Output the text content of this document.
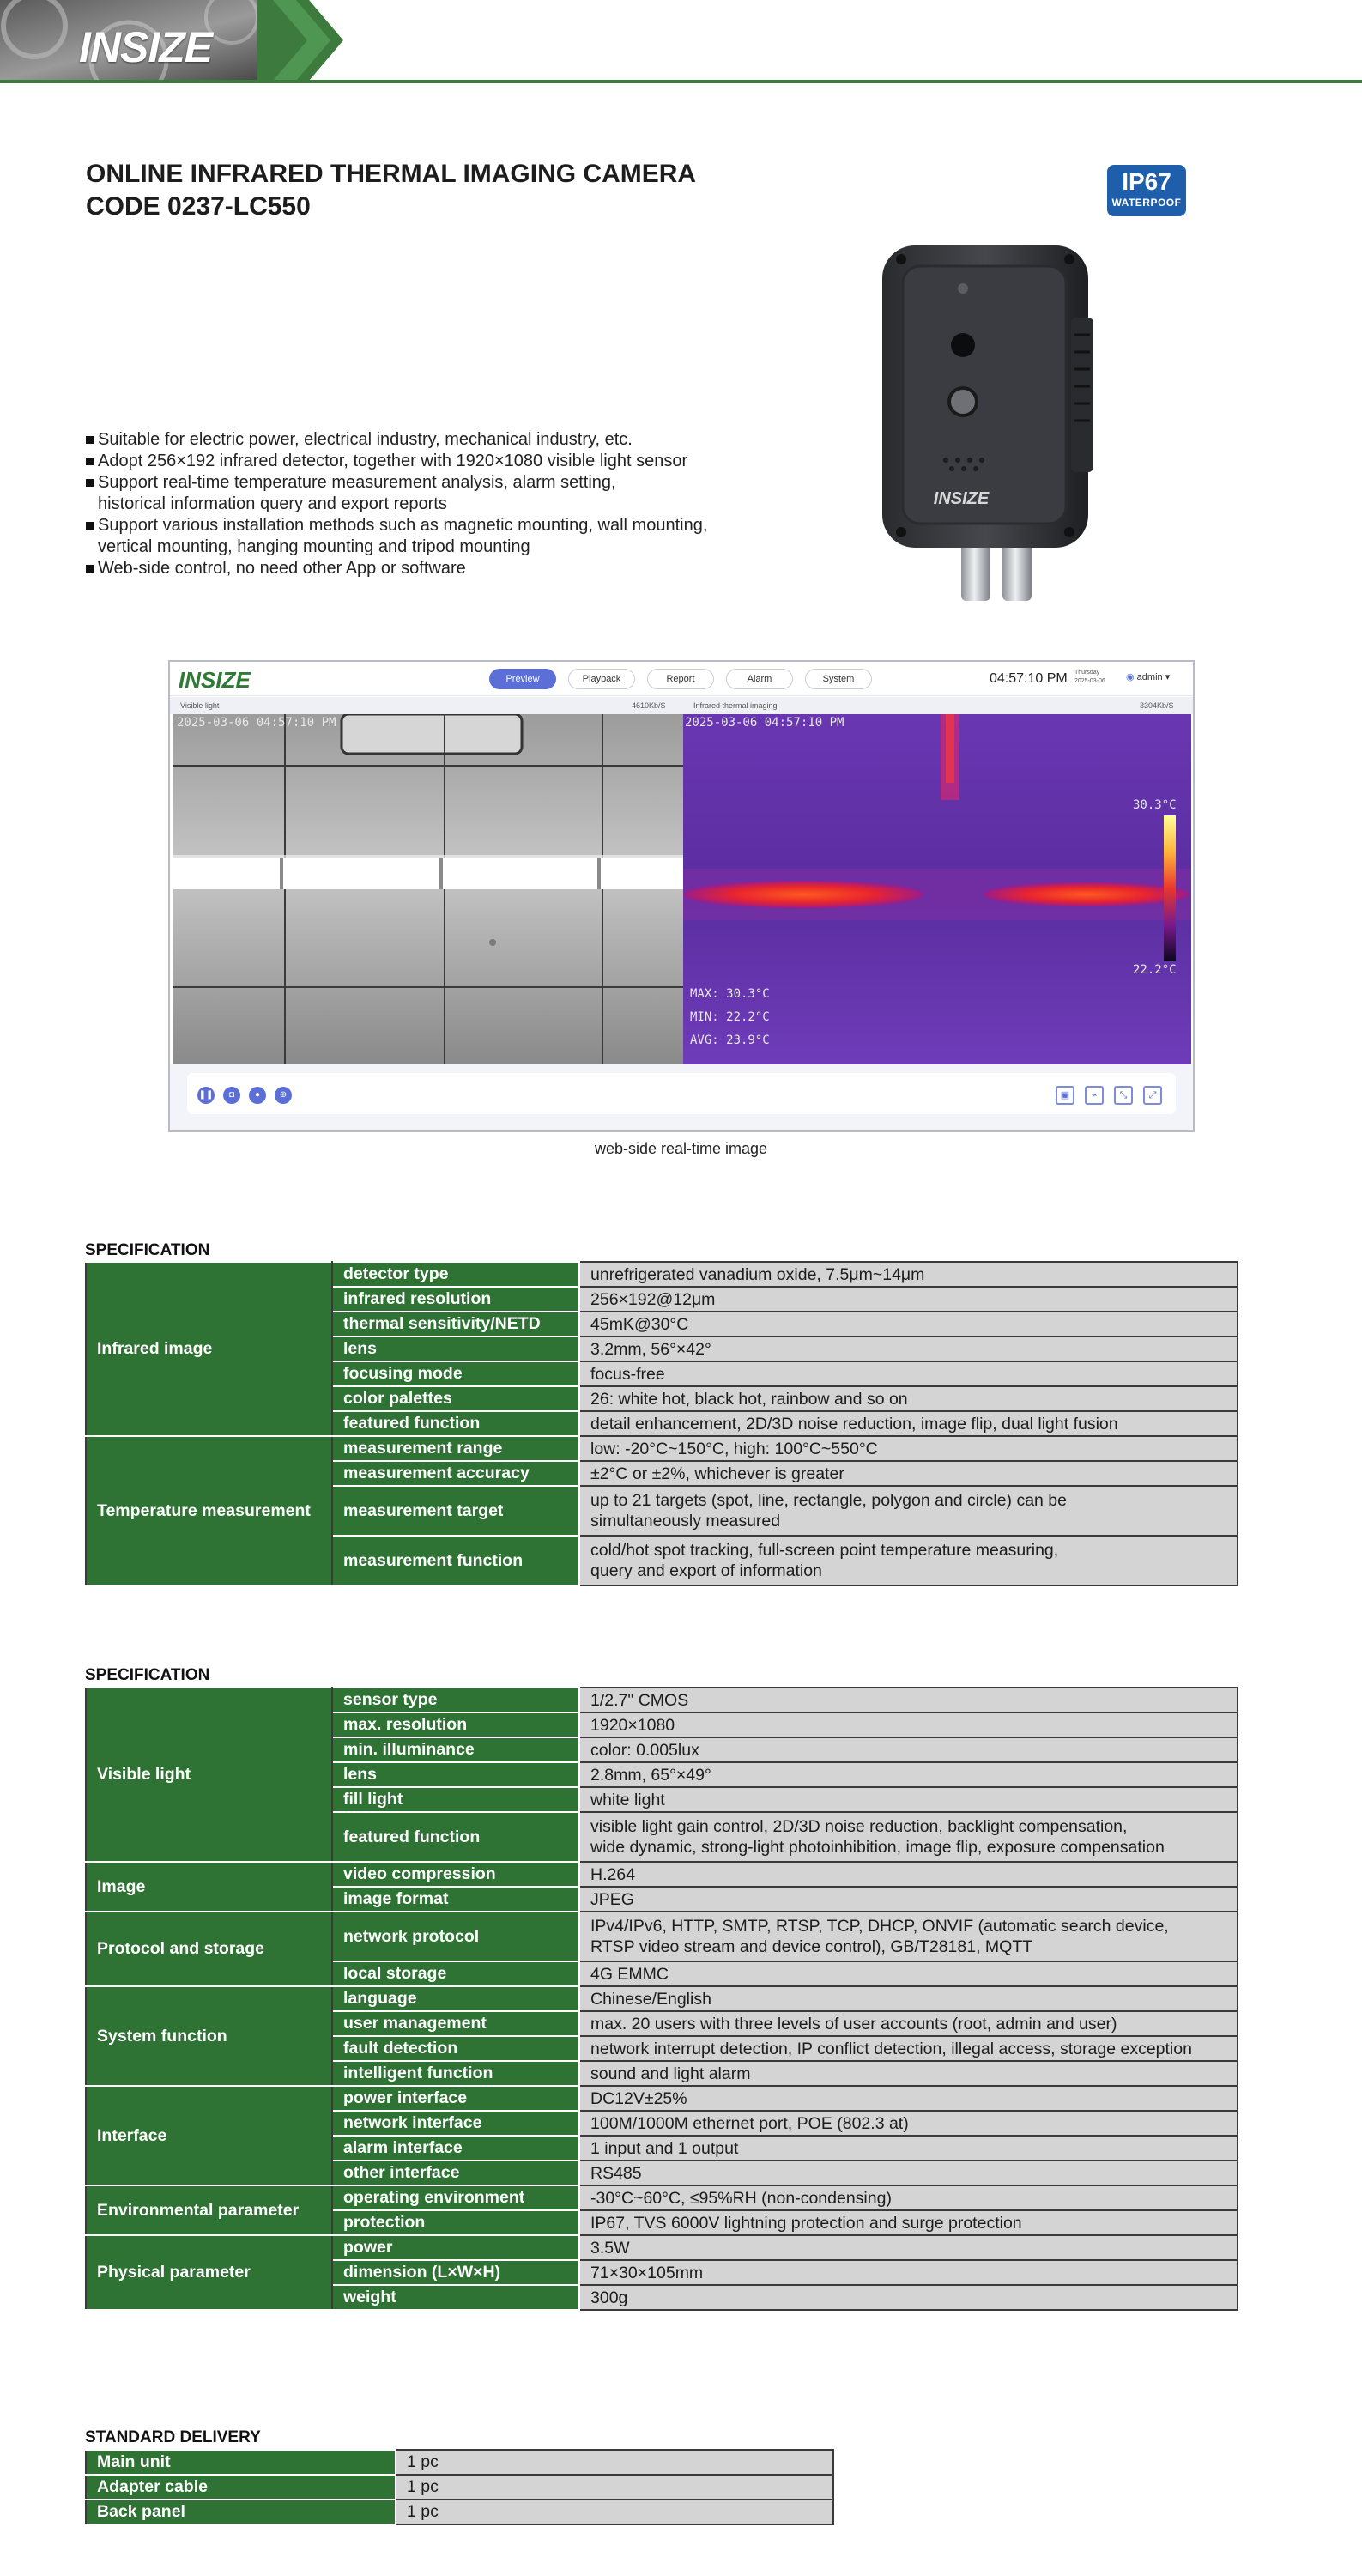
INSIZE
ONLINE INFRARED THERMAL IMAGING CAMERA
CODE 0237-LC550
IP67
WATERPOOF
INSIZE
Suitable for electric power, electrical industry, mechanical industry, etc.
Adopt 256×192 infrared detector, together with 1920×1080 visible light sensor
Support real-time temperature measurement analysis, alarm setting, historical information query and export reports
Support various installation methods such as magnetic mounting, wall mounting, vertical mounting, hanging mounting and tripod mounting
Web-side control, no need other App or software
INSIZE	Preview	Playback	Report	Alarm	System	04:57:10 PM Thursday
2025-03-06 ◉ admin ▾
Visible light	4610Kb/S	Infrared thermal imaging	3304Kb/S
2025-03-06 04:57:10 PM	2025-03-06 04:57:10 PM
30.3°C
22.2°C
MAX: 30.3°C
MIN: 22.2°C
AVG: 23.9°C
❚❚	◘	●	⊕	▣	⌁	⤡	⤢
web-side real-time image
SPECIFICATION
Infrared image	detector type	unrefrigerated vanadium oxide, 7.5μm~14μm
	infrared resolution	256×192@12μm
	thermal sensitivity/NETD	45mK@30°C
	lens	3.2mm, 56°×42°
	focusing mode	focus-free
	color palettes	26: white hot, black hot, rainbow and so on
	featured function	detail enhancement, 2D/3D noise reduction, image flip, dual light fusion
Temperature measurement	measurement range	low: -20°C~150°C, high: 100°C~550°C
	measurement accuracy	±2°C or ±2%, whichever is greater
	measurement target	up to 21 targets (spot, line, rectangle, polygon and circle) can be
simultaneously measured

	measurement function	cold/hot spot tracking, full-screen point temperature measuring,
query and export of information
SPECIFICATION
Visible light	sensor type	1/2.7" CMOS
	max. resolution	1920×1080
	min. illuminance	color: 0.005lux
	lens	2.8mm, 65°×49°
	fill light	white light
	featured function	visible light gain control, 2D/3D noise reduction, backlight compensation,
wide dynamic, strong-light photoinhibition, image flip, exposure compensation

Image	video compression	H.264
	image format	JPEG
Protocol and storage	network protocol	IPv4/IPv6, HTTP, SMTP, RTSP, TCP, DHCP, ONVIF (automatic search device,
RTSP video stream and device control), GB/T28181, MQTT

	local storage	4G EMMC
System function	language	Chinese/English
	user management	max. 20 users with three levels of user accounts (root, admin and user)
	fault detection	network interrupt detection, IP conflict detection, illegal access, storage exception
	intelligent function	sound and light alarm
Interface	power interface	DC12V±25%
	network interface	100M/1000M ethernet port, POE (802.3 at)
	alarm interface	1 input and 1 output
	other interface	RS485
Environmental parameter	operating environment	-30°C~60°C, ≤95%RH (non-condensing)
	protection	IP67, TVS 6000V lightning protection and surge protection
Physical parameter	power	3.5W
	dimension (L×W×H)	71×30×105mm
	weight	300g
STANDARD DELIVERY
Main unit	1 pc
Adapter cable	1 pc
Back panel	1 pc
